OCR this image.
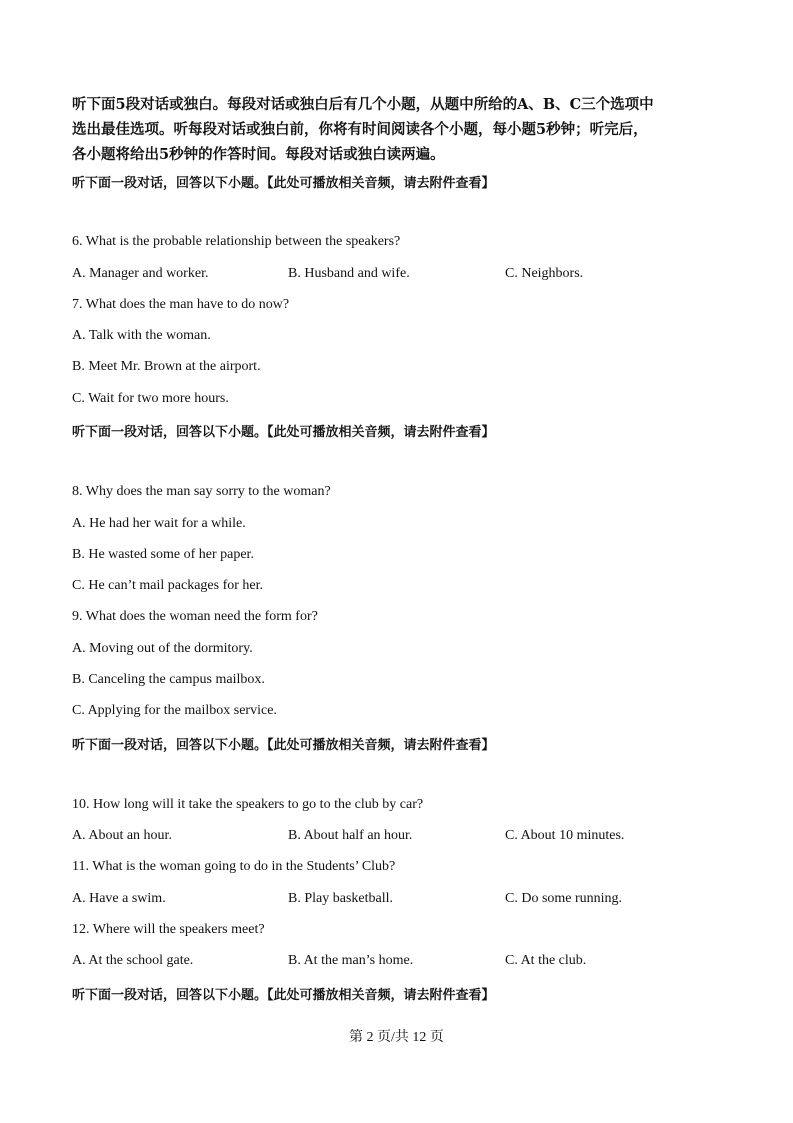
听下面5段对话或独白。每段对话或独白后有几个小题，从题中所给的A、B、C三个选项中

选出最佳选项。听每段对话或独白前，你将有时间阅读各个小题，每小题5秒钟；听完后，

各小题将给出5秒钟的作答时间。每段对话或独白读两遍。

听下面一段对话，回答以下小题。【此处可播放相关音频，请去附件查看】
6. What is the probable relationship between the speakers?
A. Manager and worker.	B. Husband and wife.	C. Neighbors.
7. What does the man have to do now?
A. Talk with the woman.
B. Meet Mr. Brown at the airport.
C. Wait for two more hours.
听下面一段对话，回答以下小题。【此处可播放相关音频，请去附件查看】
8. Why does the man say sorry to the woman?
A. He had her wait for a while.
B. He wasted some of her paper.
C. He can’t mail packages for her.
9. What does the woman need the form for?
A. Moving out of the dormitory.
B. Canceling the campus mailbox.
C. Applying for the mailbox service.
听下面一段对话，回答以下小题。【此处可播放相关音频，请去附件查看】
10. How long will it take the speakers to go to the club by car?
A. About an hour.	B. About half an hour.	C. About 10 minutes.
11. What is the woman going to do in the Students’ Club?
A. Have a swim.	B. Play basketball.	C. Do some running.
12. Where will the speakers meet?
A. At the school gate.	B. At the man’s home.	C. At the club.
听下面一段对话，回答以下小题。【此处可播放相关音频，请去附件查看】
第 2 页/共 12 页
